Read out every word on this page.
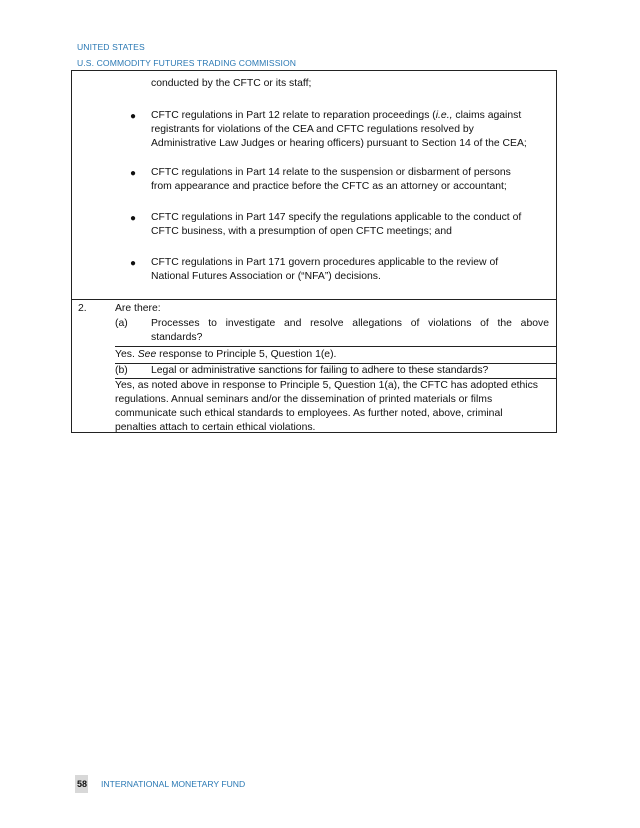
UNITED STATES
U.S. COMMODITY FUTURES TRADING COMMISSION
conducted by the CFTC or its staff;
● CFTC regulations in Part 12 relate to reparation proceedings (i.e., claims against
registrants for violations of the CEA and CFTC regulations resolved by
Administrative Law Judges or hearing officers) pursuant to Section 14 of the CEA;
● CFTC regulations in Part 14 relate to the suspension or disbarment of persons
from appearance and practice before the CFTC as an attorney or accountant;
● CFTC regulations in Part 147 specify the regulations applicable to the conduct of
CFTC business, with a presumption of open CFTC meetings; and
● CFTC regulations in Part 171 govern procedures applicable to the review of
National Futures Association or (“NFA”) decisions.
2.	Are there:
(a) Processes to investigate and resolve allegations of violations of the above
standards?
Yes. See response to Principle 5, Question 1(e).
(b) Legal or administrative sanctions for failing to adhere to these standards?
Yes, as noted above in response to Principle 5, Question 1(a), the CFTC has adopted ethics
regulations. Annual seminars and/or the dissemination of printed materials or films
communicate such ethical standards to employees. As further noted, above, criminal
penalties attach to certain ethical violations.
58 INTERNATIONAL MONETARY FUND
